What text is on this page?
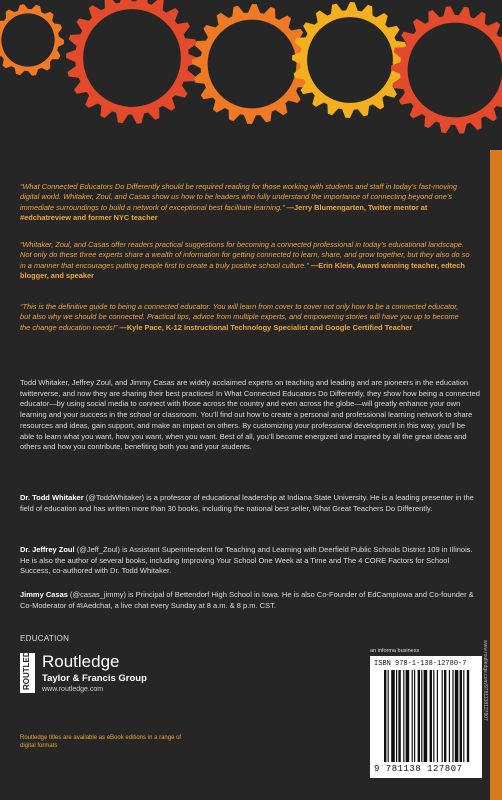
“What Connected Educators Do Differently should be required reading for those working with students and staff in today’s fast-moving digital world. Whitaker, Zoul, and Casas show us how to be leaders who fully understand the importance of connecting beyond one’s immediate surroundings to build a network of exceptional best facilitate learning.” —Jerry Blumengarten, Twitter mentor at #edchatreview and former NYC teacher
“Whitaker, Zoul, and Casas offer readers practical suggestions for becoming a connected professional in today’s educational landscape. Not only do these three experts share a wealth of information for getting connected to learn, share, and grow together, but they also do so in a manner that encourages putting people first to create a truly positive school culture.” —Erin Klein, Award winning teacher, edtech blogger, and speaker
“This is the definitive guide to being a connected educator. You will learn from cover to cover not only how to be a connected educator, but also why we should be connected. Practical tips, advice from multiple experts, and empowering stories will have you up to become the change education needs!” —Kyle Pace, K-12 Instructional Technology Specialist and Google Certified Teacher
Todd Whitaker, Jeffrey Zoul, and Jimmy Casas are widely acclaimed experts on teaching and leading and are pioneers in the education twitterverse, and now they are sharing their best practices! In What Connected Educators Do Differently, they show how being a connected educator—by using social media to connect with those across the country and even across the globe—will greatly enhance your own learning and your success in the school or classroom. You’ll find out how to create a personal and professional learning network to share resources and ideas, gain support, and make an impact on others. By customizing your professional development in this way, you’ll be able to learn what you want, how you want, when you want. Best of all, you’ll become energized and inspired by all the great ideas and others and how you contribute, benefiting both you and your students.
Dr. Todd Whitaker (@ToddWhitaker) is a professor of educational leadership at Indiana State University. He is a leading presenter in the field of education and has written more than 30 books, including the national best seller, What Great Teachers Do Differently.
Dr. Jeffrey Zoul (@Jeff_Zoul) is Assistant Superintendent for Teaching and Learning with Deerfield Public Schools District 109 in Illinois. He is also the author of several books, including Improving Your School One Week at a Time and The 4 CORE Factors for School Success, co-authored with Dr. Todd Whitaker.
Jimmy Casas (@casas_jimmy) is Principal of Bettendorf High School in Iowa. He is also Co-Founder of EdCampIowa and Co-founder & Co-Moderator of #IAedchat, a live chat every Sunday at 8 a.m. & 8 p.m. CST.
EDUCATION
ROUTLEDGE Routledge
Taylor & Francis Group
www.routledge.com
Routledge titles are available as eBook editions in a range of digital formats
an informa business
ISBN 978-1-138-12780-7
9 781138 127807
www.routledge.com/9781138127807
